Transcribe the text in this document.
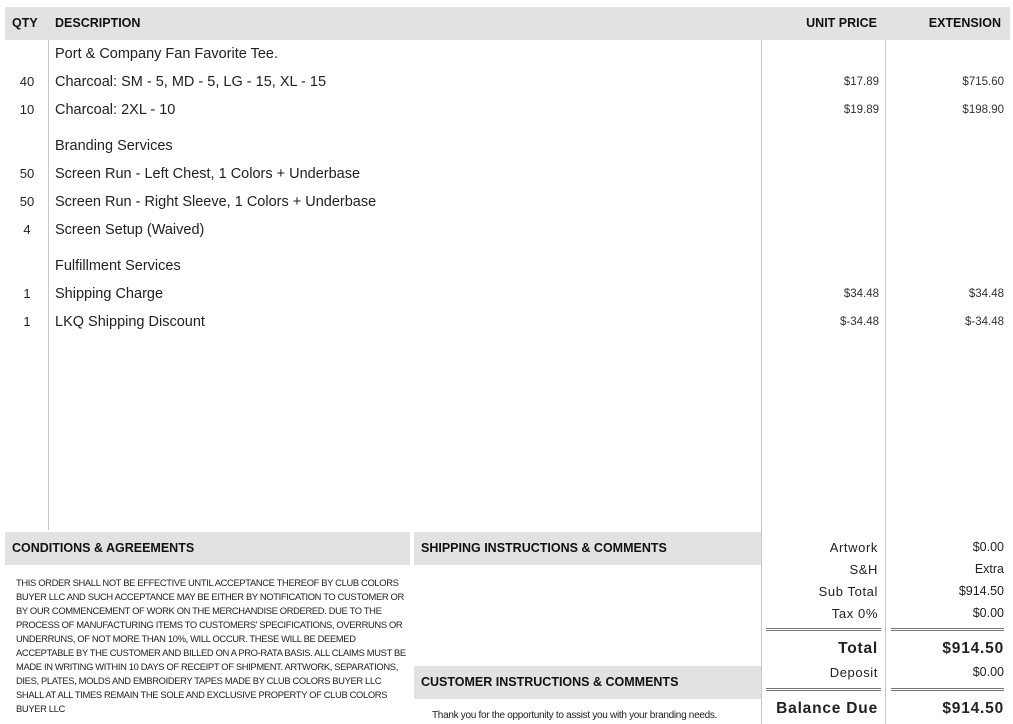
QTY DESCRIPTION	UNIT PRICE	EXTENSION
Port & Company Fan Favorite Tee.
40	Charcoal: SM - 5, MD - 5, LG - 15, XL - 15	$17.89	$715.60
10	Charcoal: 2XL - 10	$19.89	$198.90
Branding Services
50	Screen Run - Left Chest, 1 Colors + Underbase
50	Screen Run - Right Sleeve, 1 Colors + Underbase
4	Screen Setup (Waived)
Fulfillment Services
1	Shipping Charge	$34.48	$34.48
1	LKQ Shipping Discount	$-34.48	$-34.48
CONDITIONS & AGREEMENTS
THIS ORDER SHALL NOT BE EFFECTIVE UNTIL ACCEPTANCE THEREOF BY CLUB COLORS BUYER LLC AND SUCH ACCEPTANCE MAY BE EITHER BY NOTIFICATION TO CUSTOMER OR BY OUR COMMENCEMENT OF WORK ON THE MERCHANDISE ORDERED. DUE TO THE PROCESS OF MANUFACTURING ITEMS TO CUSTOMERS' SPECIFICATIONS, OVERRUNS OR UNDERRUNS, OF NOT MORE THAN 10%, WILL OCCUR. THESE WILL BE DEEMED ACCEPTABLE BY THE CUSTOMER AND BILLED ON A PRO-RATA BASIS. ALL CLAIMS MUST BE MADE IN WRITING WITHIN 10 DAYS OF RECEIPT OF SHIPMENT. ARTWORK, SEPARATIONS, DIES, PLATES, MOLDS AND EMBROIDERY TAPES MADE BY CLUB COLORS BUYER LLC SHALL AT ALL TIMES REMAIN THE SOLE AND EXCLUSIVE PROPERTY OF CLUB COLORS BUYER LLC
SHIPPING INSTRUCTIONS & COMMENTS
CUSTOMER INSTRUCTIONS & COMMENTS
Thank you for the opportunity to assist you with your branding needs.
Artwork	$0.00
S&H	Extra
Sub Total	$914.50
Tax 0%	$0.00
Total	$914.50
Deposit	$0.00
Balance Due	$914.50
